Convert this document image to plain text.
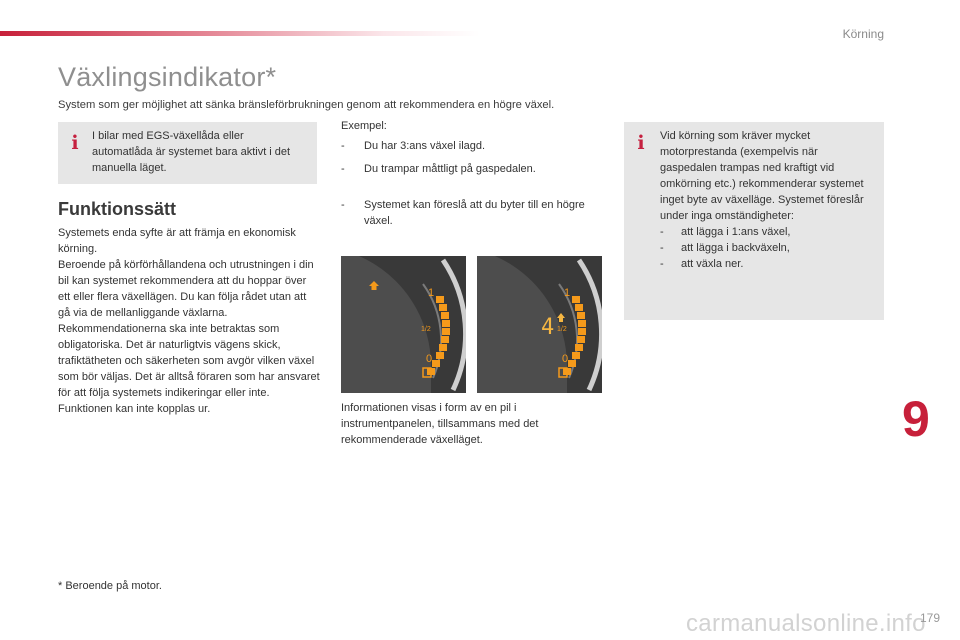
Körning
Växlingsindikator*
System som ger möjlighet att sänka bränsleförbrukningen genom att rekommendera en högre växel.
i	I bilar med EGS-växellåda eller automatlåda är systemet bara aktivt i det manuella läget.
Funktionssätt

Systemets enda syfte är att främja en ekonomisk körning.

Beroende på körförhållandena och utrustningen i din bil kan systemet rekommendera att du hoppar över ett eller flera växellägen. Du kan följa rådet utan att gå via de mellanliggande växlarna.

Rekommendationerna ska inte betraktas som obligatoriska. Det är naturligtvis vägens skick, trafiktätheten och säkerheten som avgör vilken växel som bör väljas. Det är alltså föraren som har ansvaret för att följa systemets indikeringar eller inte.

Funktionen kan inte kopplas ur.

Exempel:
-	Du har 3:ans växel ilagd.
-	Du trampar måttligt på gaspedalen.
-	Systemet kan föreslå att du byter till en högre växel.
1
1/2
0
1
1/2
0
4
Informationen visas i form av en pil i instrumentpanelen, tillsammans med det rekommenderade växelläget.
i	Vid körning som kräver mycket motorprestanda (exempelvis när gaspedalen trampas ned kraftigt vid omkörning etc.) rekommenderar systemet inget byte av växelläge. Systemet föreslår under inga omständigheter:
- att lägga i 1:ans växel,
- att lägga i backväxeln,
- att växla ner.
* Beroende på motor.
9
carmanualsonline.info
179
